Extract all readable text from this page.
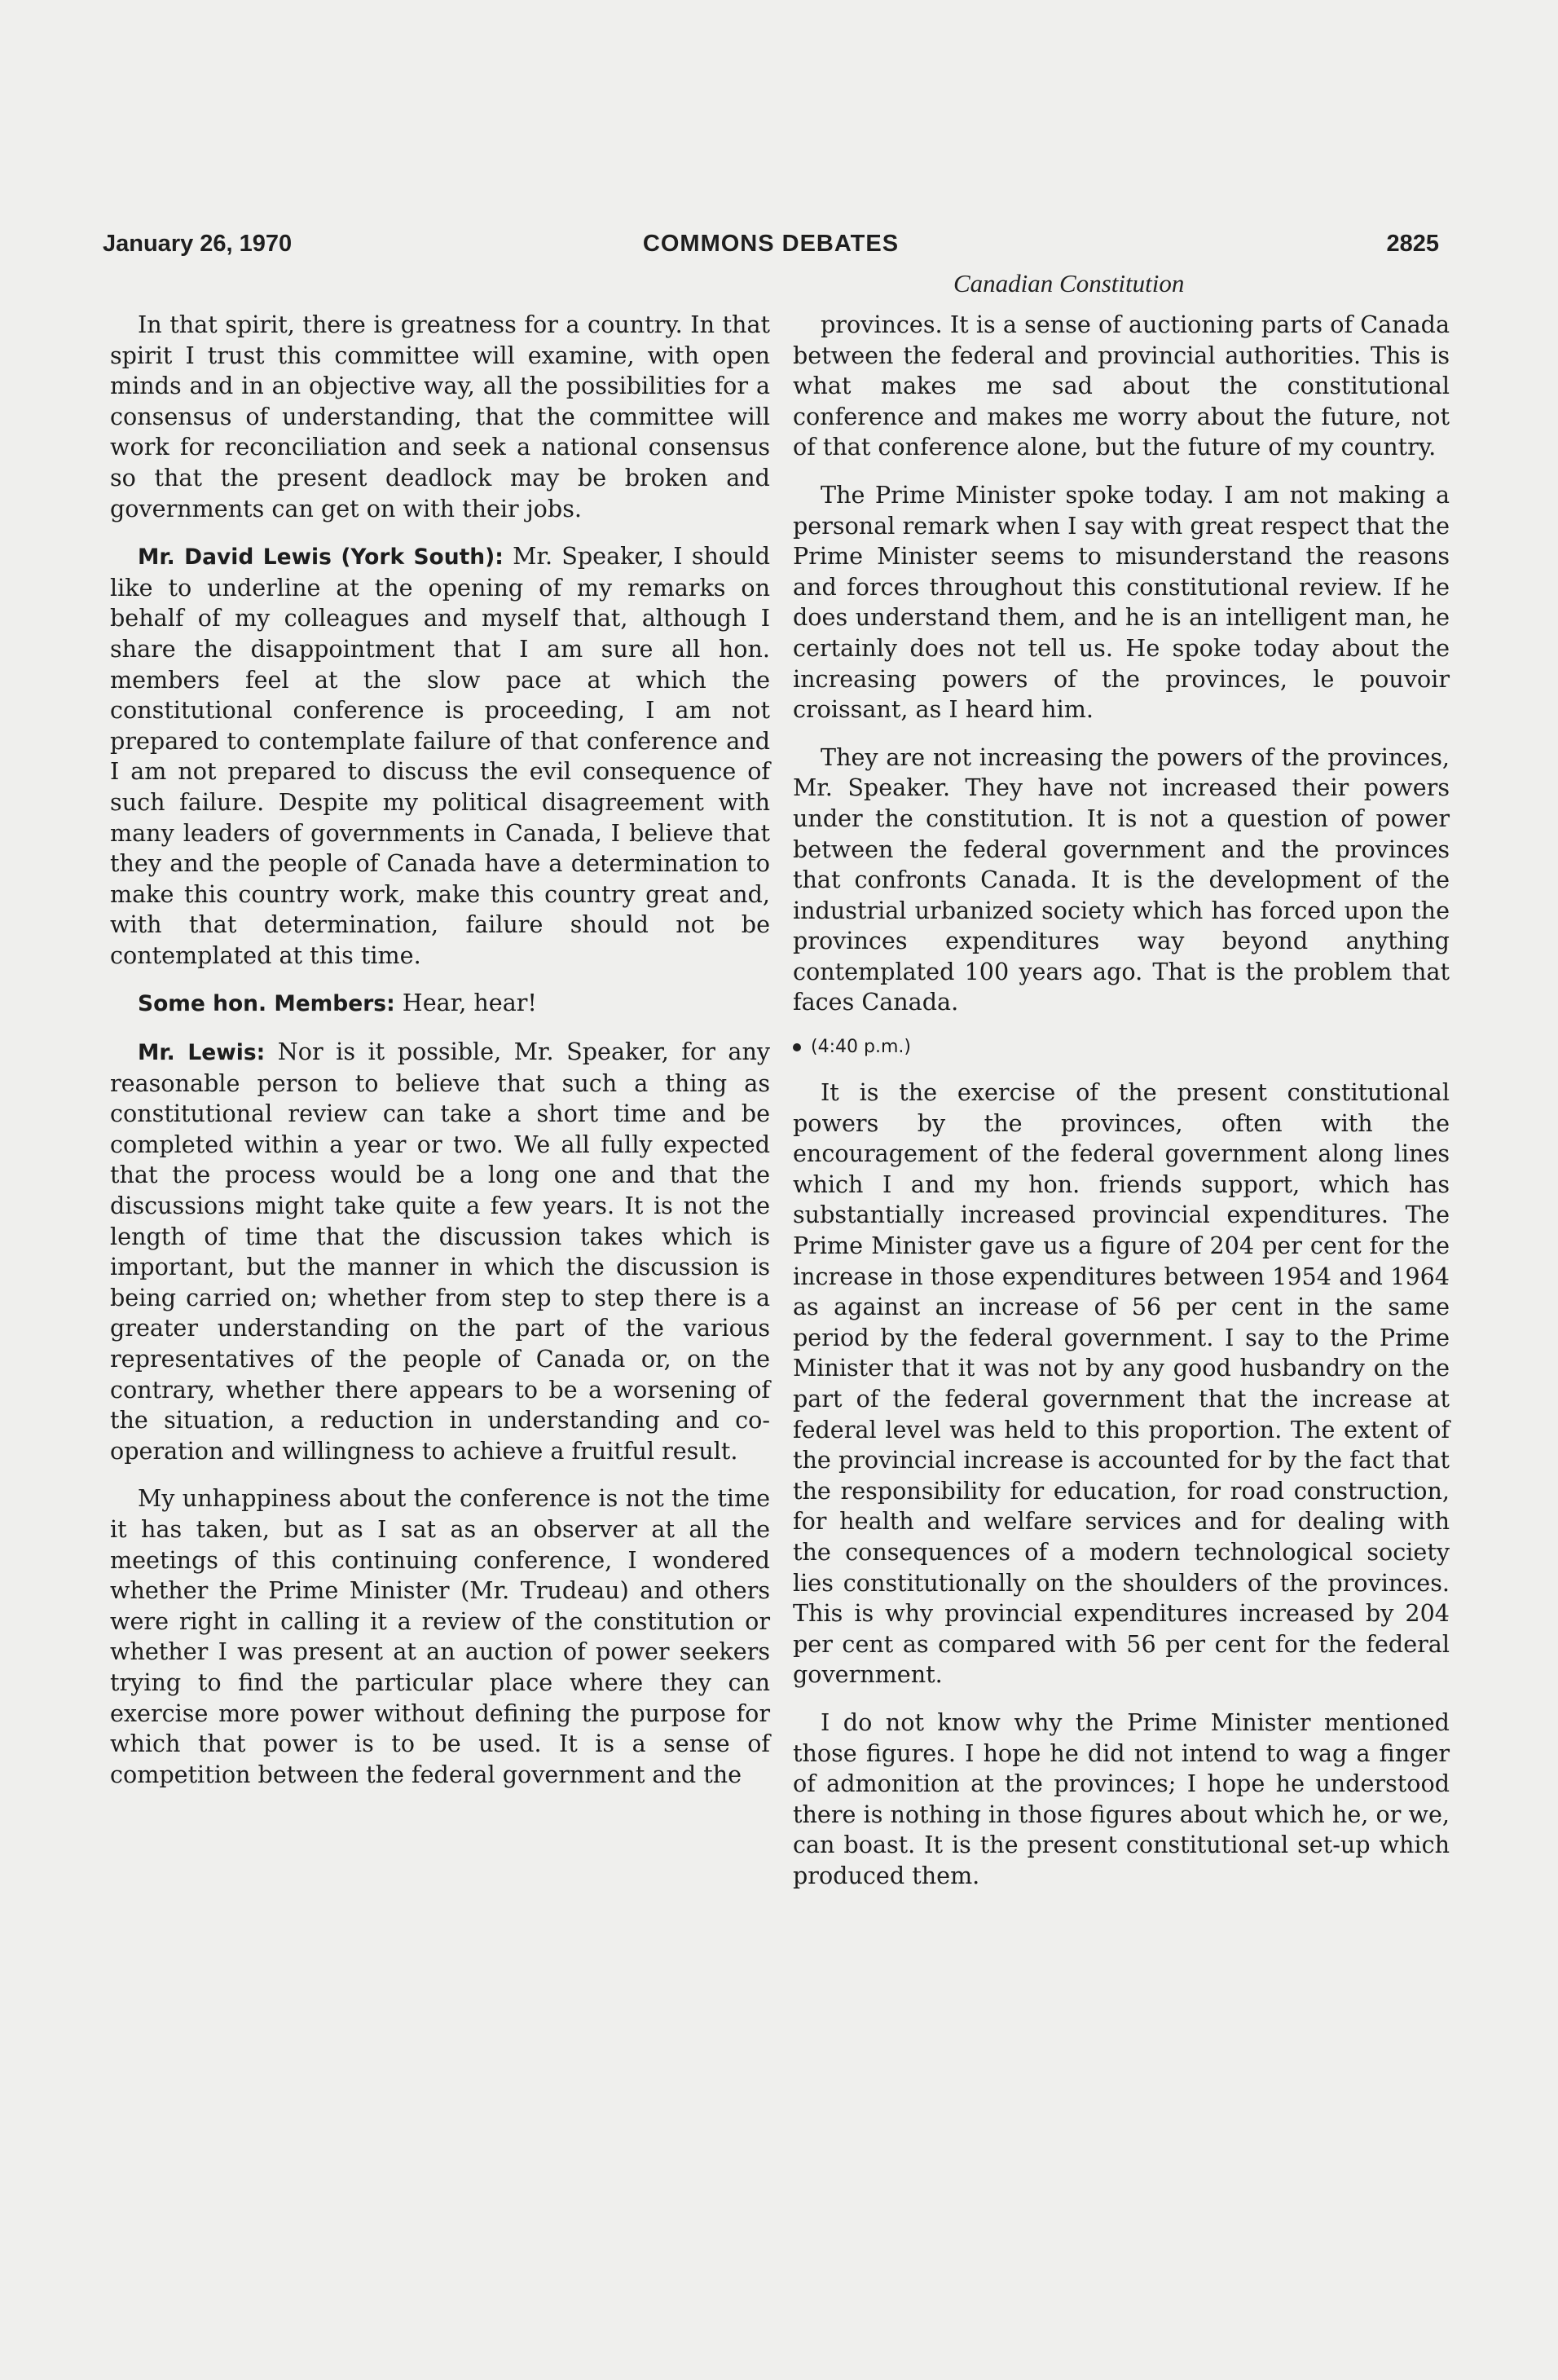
January 26, 1970	COMMONS DEBATES	2825
Canadian Constitution

In that spirit, there is greatness for a country. In that spirit I trust this committee will examine, with open minds and in an objective way, all the possibilities for a consensus of understanding, that the committee will work for reconciliation and seek a national consensus so that the present deadlock may be broken and governments can get on with their jobs.

Mr. David Lewis (York South): Mr. Speaker, I should like to underline at the opening of my remarks on behalf of my colleagues and myself that, although I share the disappointment that I am sure all hon. members feel at the slow pace at which the constitutional conference is proceeding, I am not prepared to contemplate failure of that conference and I am not prepared to discuss the evil consequence of such failure. Despite my political disagreement with many leaders of governments in Canada, I believe that they and the people of Canada have a determination to make this country work, make this country great and, with that determination, failure should not be contemplated at this time.

Some hon. Members: Hear, hear!

Mr. Lewis: Nor is it possible, Mr. Speaker, for any reasonable person to believe that such a thing as constitutional review can take a short time and be completed within a year or two. We all fully expected that the process would be a long one and that the discussions might take quite a few years. It is not the length of time that the discussion takes which is important, but the manner in which the discussion is being carried on; whether from step to step there is a greater understanding on the part of the various representatives of the people of Canada or, on the contrary, whether there appears to be a worsening of the situation, a reduction in understanding and co-operation and willingness to achieve a fruitful result.

My unhappiness about the conference is not the time it has taken, but as I sat as an observer at all the meetings of this continuing conference, I wondered whether the Prime Minister (Mr. Trudeau) and others were right in calling it a review of the constitution or whether I was present at an auction of power seekers trying to find the particular place where they can exercise more power without defining the purpose for which that power is to be used. It is a sense of competition between the federal government and the

provinces. It is a sense of auctioning parts of Canada between the federal and provincial authorities. This is what makes me sad about the constitutional conference and makes me worry about the future, not of that conference alone, but the future of my country.

The Prime Minister spoke today. I am not making a personal remark when I say with great respect that the Prime Minister seems to misunderstand the reasons and forces throughout this constitutional review. If he does understand them, and he is an intelligent man, he certainly does not tell us. He spoke today about the increasing powers of the provinces, le pouvoir croissant, as I heard him.

They are not increasing the powers of the provinces, Mr. Speaker. They have not increased their powers under the constitution. It is not a question of power between the federal government and the provinces that confronts Canada. It is the development of the industrial urbanized society which has forced upon the provinces expenditures way beyond anything contemplated 100 years ago. That is the problem that faces Canada.

(4:40 p.m.)

It is the exercise of the present constitutional powers by the provinces, often with the encouragement of the federal government along lines which I and my hon. friends support, which has substantially increased provincial expenditures. The Prime Minister gave us a figure of 204 per cent for the increase in those expenditures between 1954 and 1964 as against an increase of 56 per cent in the same period by the federal government. I say to the Prime Minister that it was not by any good husbandry on the part of the federal government that the increase at federal level was held to this proportion. The extent of the provincial increase is accounted for by the fact that the responsibility for education, for road construction, for health and welfare services and for dealing with the consequences of a modern technological society lies constitutionally on the shoulders of the provinces. This is why provincial expenditures increased by 204 per cent as compared with 56 per cent for the federal government.

I do not know why the Prime Minister mentioned those figures. I hope he did not intend to wag a finger of admonition at the provinces; I hope he understood there is nothing in those figures about which he, or we, can boast. It is the present constitutional set-up which produced them.
